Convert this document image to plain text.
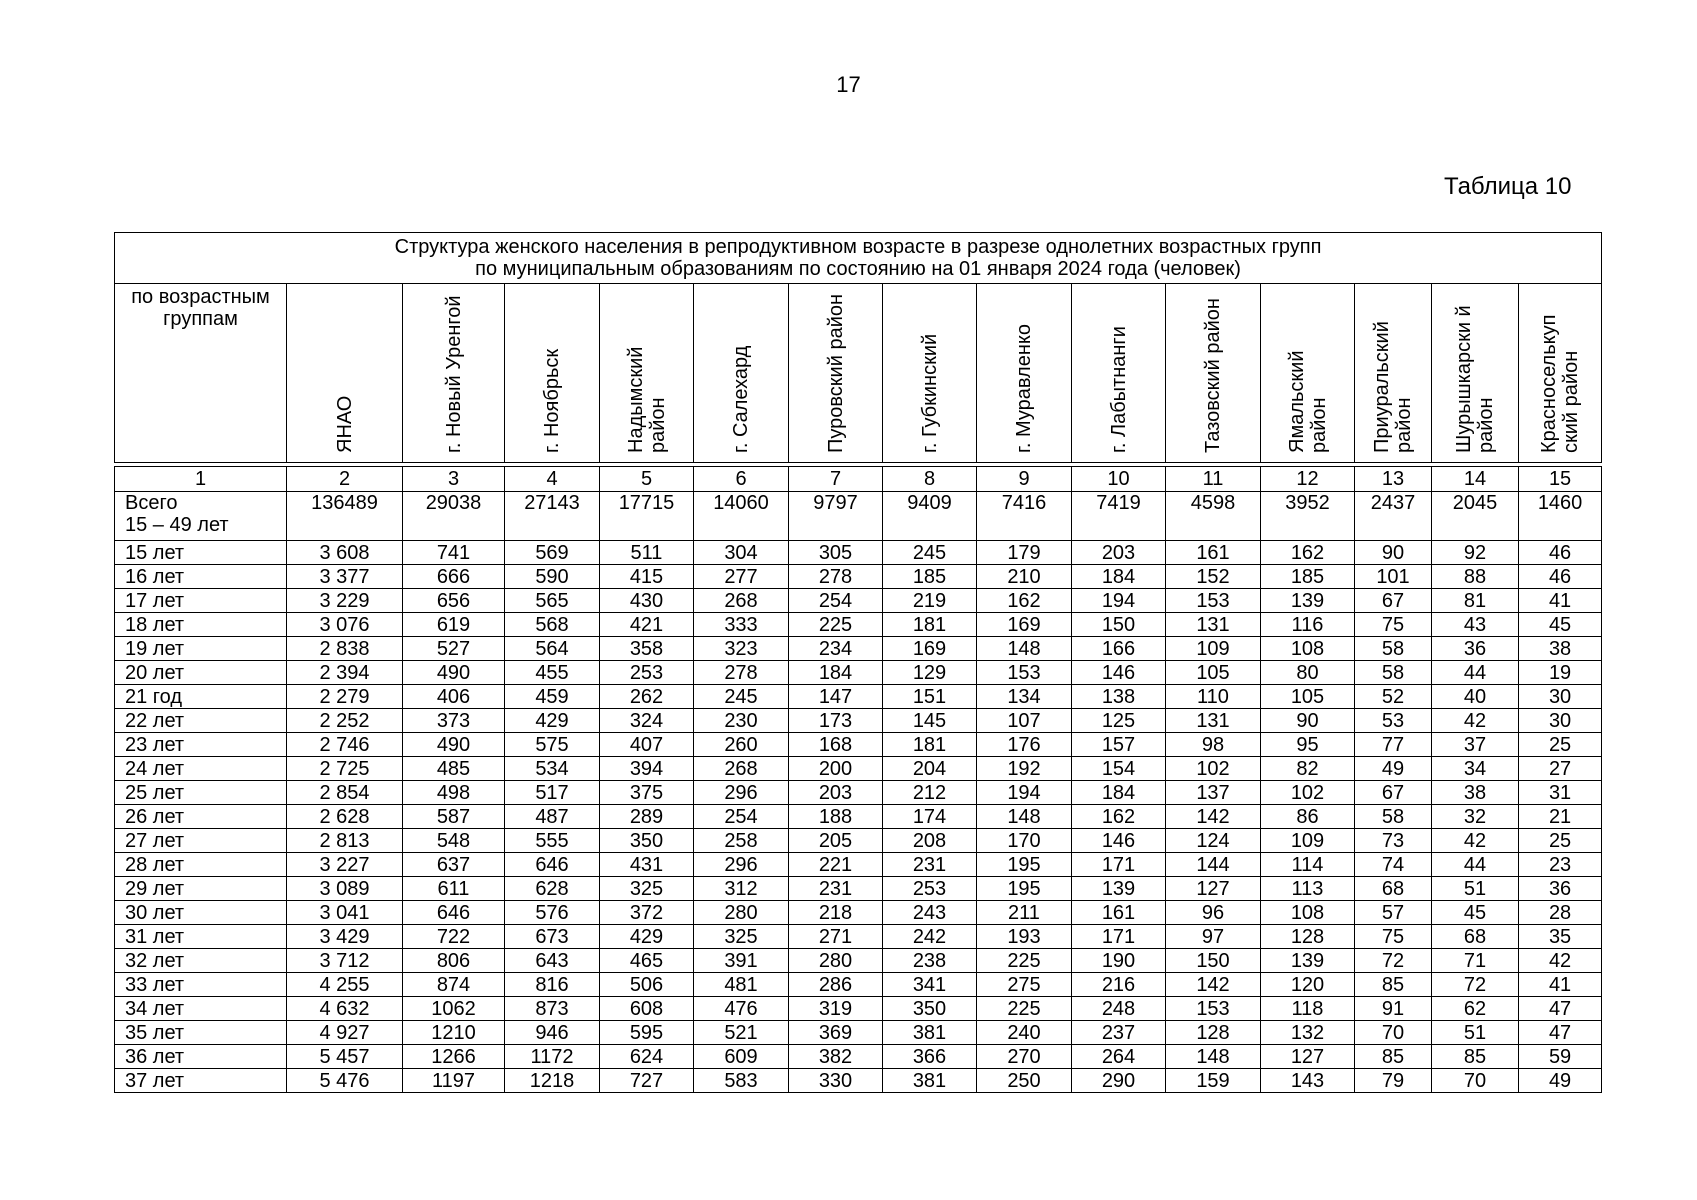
17
Таблица 10
Структура женского населения в репродуктивном возрасте в разрезе однолетних возрастных групп
по муниципальным образованиям по состоянию на 01 января 2024 года (человек)														

по возрастным группам	ЯНАО	г. Новый Уренгой	г. Ноябрьск	Надымский район	г. Салехард	Пуровский район	г. Губкинский	г. Муравленко	г. Лабытнанги	Тазовский район	Ямальский район	Приуральский район	Шурышкарски й район	Красноселькуп ский район

1	2	3	4	5	6	7	8	9	10	11	12	13	14	15

Всего
15 – 49 лет	136489	29038	27143	17715	14060	9797	9409	7416	7419	4598	3952	2437	2045	1460
15 лет	3 608	741	569	511	304	305	245	179	203	161	162	90	92	46
16 лет	3 377	666	590	415	277	278	185	210	184	152	185	101	88	46
17 лет	3 229	656	565	430	268	254	219	162	194	153	139	67	81	41
18 лет	3 076	619	568	421	333	225	181	169	150	131	116	75	43	45
19 лет	2 838	527	564	358	323	234	169	148	166	109	108	58	36	38
20 лет	2 394	490	455	253	278	184	129	153	146	105	80	58	44	19
21 год	2 279	406	459	262	245	147	151	134	138	110	105	52	40	30
22 лет	2 252	373	429	324	230	173	145	107	125	131	90	53	42	30
23 лет	2 746	490	575	407	260	168	181	176	157	98	95	77	37	25
24 лет	2 725	485	534	394	268	200	204	192	154	102	82	49	34	27
25 лет	2 854	498	517	375	296	203	212	194	184	137	102	67	38	31
26 лет	2 628	587	487	289	254	188	174	148	162	142	86	58	32	21
27 лет	2 813	548	555	350	258	205	208	170	146	124	109	73	42	25
28 лет	3 227	637	646	431	296	221	231	195	171	144	114	74	44	23
29 лет	3 089	611	628	325	312	231	253	195	139	127	113	68	51	36
30 лет	3 041	646	576	372	280	218	243	211	161	96	108	57	45	28
31 лет	3 429	722	673	429	325	271	242	193	171	97	128	75	68	35
32 лет	3 712	806	643	465	391	280	238	225	190	150	139	72	71	42
33 лет	4 255	874	816	506	481	286	341	275	216	142	120	85	72	41
34 лет	4 632	1062	873	608	476	319	350	225	248	153	118	91	62	47
35 лет	4 927	1210	946	595	521	369	381	240	237	128	132	70	51	47
36 лет	5 457	1266	1172	624	609	382	366	270	264	148	127	85	85	59
37 лет	5 476	1197	1218	727	583	330	381	250	290	159	143	79	70	49
